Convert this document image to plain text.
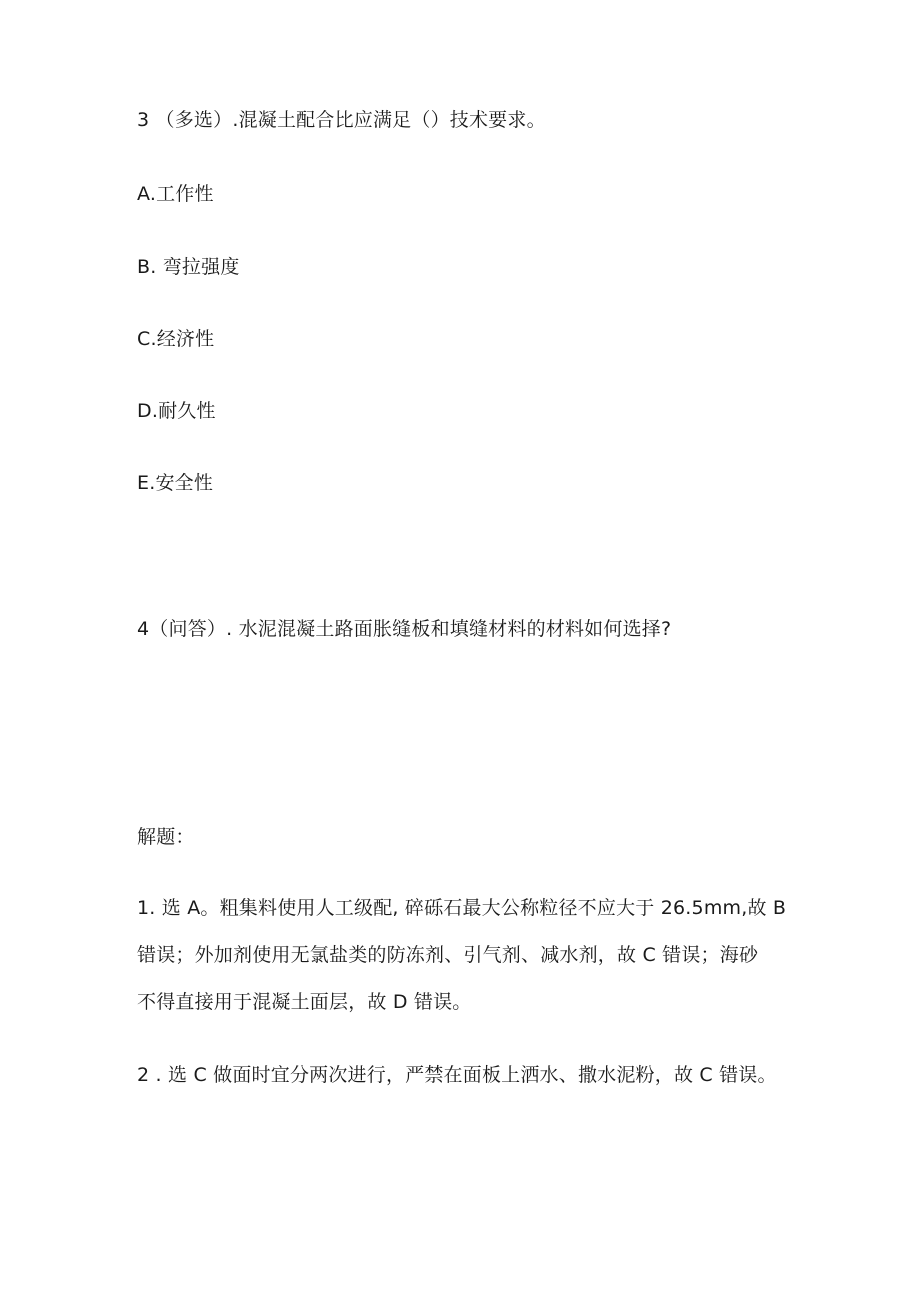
3 （多选）.混凝土配合比应满足（）技术要求。
A.工作性
B. 弯拉强度
C.经济性
D.耐久性
E.安全性
4（问答）. 水泥混凝土路面胀缝板和填缝材料的材料如何选择?
解题：
1. 选 A。粗集料使用人工级配, 碎砾石最大公称粒径不应大于 26.5mm,故 B
错误；外加剂使用无氯盐类的防冻剂、引气剂、减水剂，故 C 错误；海砂
不得直接用于混凝土面层，故 D 错误。
2 . 选 C 做面时宜分两次进行，严禁在面板上洒水、撒水泥粉，故 C 错误。
